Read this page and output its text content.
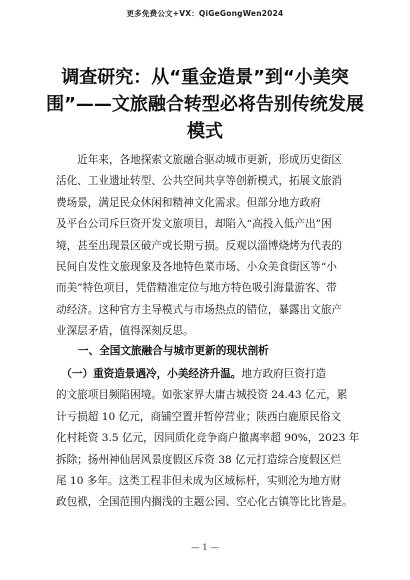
更多免费公文+VX：QiGeGongWen2024
调查研究：从“重金造景”到“小美突
围”——文旅融合转型必将告别传统发展
模式
　　近年来，各地探索文旅融合驱动城市更新，形成历史街区
活化、工业遗址转型、公共空间共享等创新模式，拓展文旅消
费场景，满足民众休闲和精神文化需求。但部分地方政府
及平台公司斥巨资开发文旅项目，却陷入“高投入低产出”困
境，甚至出现景区破产或长期亏损。反观以淄博烧烤为代表的
民间自发性文旅现象及各地特色菜市场、小众美食街区等“小
而美”特色项目，凭借精准定位与地方特色吸引海量游客、带
动经济。这种官方主导模式与市场热点的错位，暴露出文旅产
业深层矛盾，值得深刻反思。
一、全国文旅融合与城市更新的现状剖析
　（一）重资造景遇冷，小美经济升温。地方政府巨资打造
的文旅项目频陷困境。如张家界大庸古城投资 24.43 亿元，累
计亏损超 10 亿元，商铺空置并暂停营业；陕西白鹿原民俗文
化村耗资 3.5 亿元，因同质化竞争商户撤离率超 90%，2023 年
拆除；扬州神仙居风景度假区斥资 38 亿元打造综合度假区烂
尾 10 多年。这类工程非但未成为区域标杆，实则沦为地方财
政包袱，全国范围内搁浅的主题公园、空心化古镇等比比皆是。
— 1 —
